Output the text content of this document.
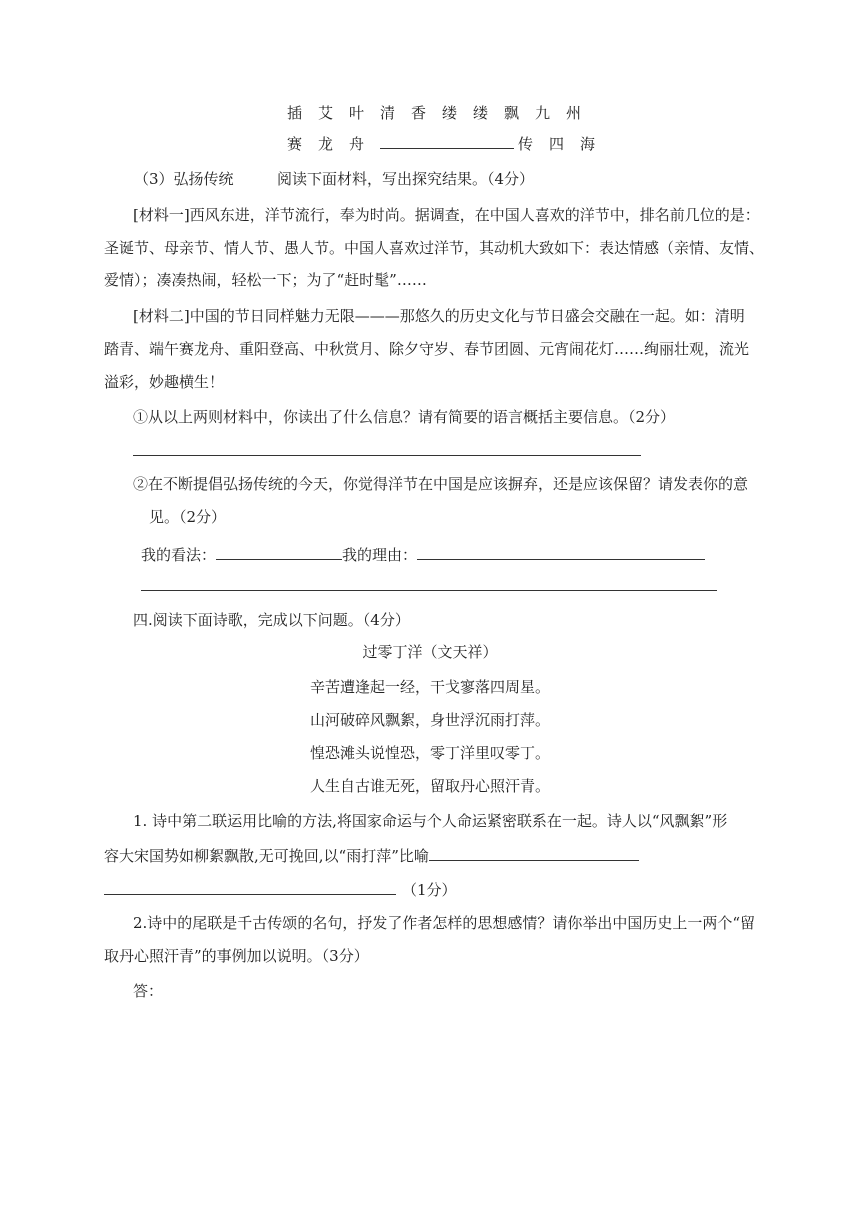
插艾叶清香缕缕飘九州
赛龙舟	传四海
（3）弘扬传统	阅读下面材料，写出探究结果。（4分）
[材料一]西风东进，洋节流行，奉为时尚。据调查，在中国人喜欢的洋节中，排名前几位的是：
圣诞节、母亲节、情人节、愚人节。中国人喜欢过洋节，其动机大致如下：表达情感（亲情、友情、
爱情）；凑凑热闹，轻松一下；为了“赶时髦”……
[材料二]中国的节日同样魅力无限———那悠久的历史文化与节日盛会交融在一起。如：清明
踏青、端午赛龙舟、重阳登高、中秋赏月、除夕守岁、春节团圆、元宵闹花灯……绚丽壮观，流光
溢彩，妙趣横生！
①从以上两则材料中，你读出了什么信息？请有简要的语言概括主要信息。（2分）
②在不断提倡弘扬传统的今天，你觉得洋节在中国是应该摒弃，还是应该保留？请发表你的意
见。（2分）
我的看法：	我的理由：
四.阅读下面诗歌，完成以下问题。（4分）
过零丁洋（文天祥）
辛苦遭逢起一经，干戈寥落四周星。
山河破碎风飘絮，身世浮沉雨打萍。
惶恐滩头说惶恐，零丁洋里叹零丁。
人生自古谁无死，留取丹心照汗青。
1. 诗中第二联运用比喻的方法,将国家命运与个人命运紧密联系在一起。诗人以“风飘絮”形
容大宋国势如柳絮飘散,无可挽回,以“雨打萍”比喻
（1分）
2.诗中的尾联是千古传颂的名句，抒发了作者怎样的思想感情？请你举出中国历史上一两个“留
取丹心照汗青”的事例加以说明。（3分）
答：
